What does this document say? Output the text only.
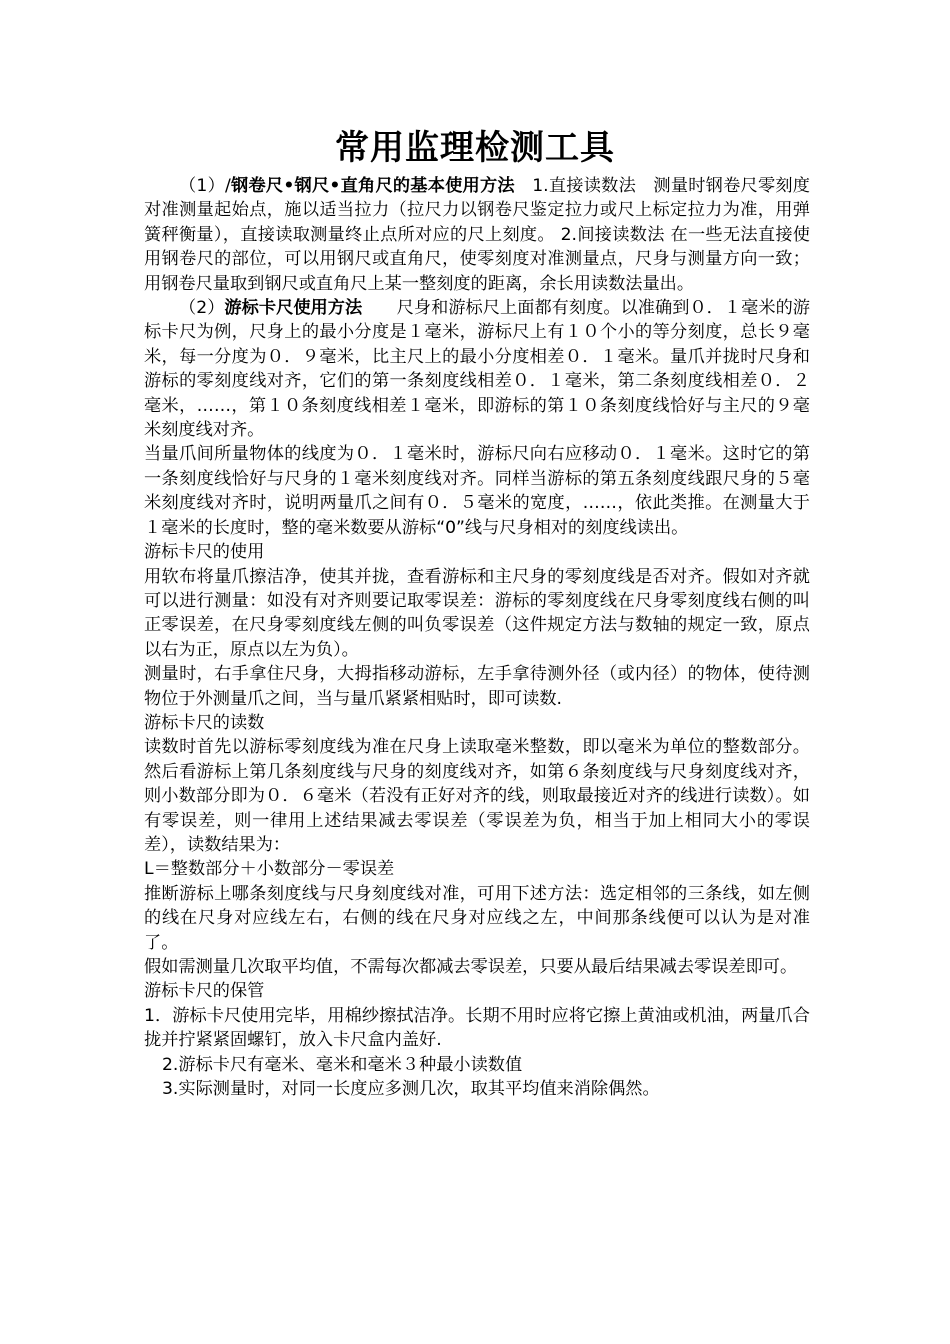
常用监理检测工具

（1）/钢卷尺•钢尺•直角尺的基本使用方法　1.直接读数法　测量时钢卷尺零刻度对准测量起始点，施以适当拉力（拉尺力以钢卷尺鉴定拉力或尺上标定拉力为准，用弹簧秤衡量），直接读取测量终止点所对应的尺上刻度。 2.间接读数法 在一些无法直接使用钢卷尺的部位，可以用钢尺或直角尺，使零刻度对准测量点，尺身与测量方向一致；用钢卷尺量取到钢尺或直角尺上某一整刻度的距离，余长用读数法量出。

（2）游标卡尺使用方法　　尺身和游标尺上面都有刻度。以准确到０．１毫米的游标卡尺为例，尺身上的最小分度是１毫米，游标尺上有１０个小的等分刻度，总长９毫米，每一分度为０．９毫米，比主尺上的最小分度相差０．１毫米。量爪并拢时尺身和游标的零刻度线对齐，它们的第一条刻度线相差０．１毫米，第二条刻度线相差０．２毫米，……，第１０条刻度线相差１毫米，即游标的第１０条刻度线恰好与主尺的９毫米刻度线对齐。

当量爪间所量物体的线度为０．１毫米时，游标尺向右应移动０．１毫米。这时它的第一条刻度线恰好与尺身的１毫米刻度线对齐。同样当游标的第五条刻度线跟尺身的５毫米刻度线对齐时，说明两量爪之间有０．５毫米的宽度，……，依此类推。在测量大于１毫米的长度时，整的毫米数要从游标“0”线与尺身相对的刻度线读出。

游标卡尺的使用

用软布将量爪擦洁净，使其并拢，查看游标和主尺身的零刻度线是否对齐。假如对齐就可以进行测量：如没有对齐则要记取零误差：游标的零刻度线在尺身零刻度线右侧的叫正零误差，在尺身零刻度线左侧的叫负零误差（这件规定方法与数轴的规定一致，原点以右为正，原点以左为负）。

测量时，右手拿住尺身，大拇指移动游标，左手拿待测外径（或内径）的物体，使待测物位于外测量爪之间，当与量爪紧紧相贴时，即可读数.

游标卡尺的读数

读数时首先以游标零刻度线为准在尺身上读取毫米整数，即以毫米为单位的整数部分。然后看游标上第几条刻度线与尺身的刻度线对齐，如第６条刻度线与尺身刻度线对齐，则小数部分即为０．６毫米（若没有正好对齐的线，则取最接近对齐的线进行读数）。如有零误差，则一律用上述结果减去零误差（零误差为负，相当于加上相同大小的零误差），读数结果为：

L＝整数部分＋小数部分－零误差

推断游标上哪条刻度线与尺身刻度线对准，可用下述方法：选定相邻的三条线，如左侧的线在尺身对应线左右，右侧的线在尺身对应线之左，中间那条线便可以认为是对准了。

假如需测量几次取平均值，不需每次都减去零误差，只要从最后结果减去零误差即可。

游标卡尺的保管

1．游标卡尺使用完毕，用棉纱擦拭洁净。长期不用时应将它擦上黄油或机油，两量爪合拢并拧紧紧固螺钉，放入卡尺盒内盖好.

2.游标卡尺有毫米、毫米和毫米３种最小读数值

3.实际测量时，对同一长度应多测几次，取其平均值来消除偶然。
